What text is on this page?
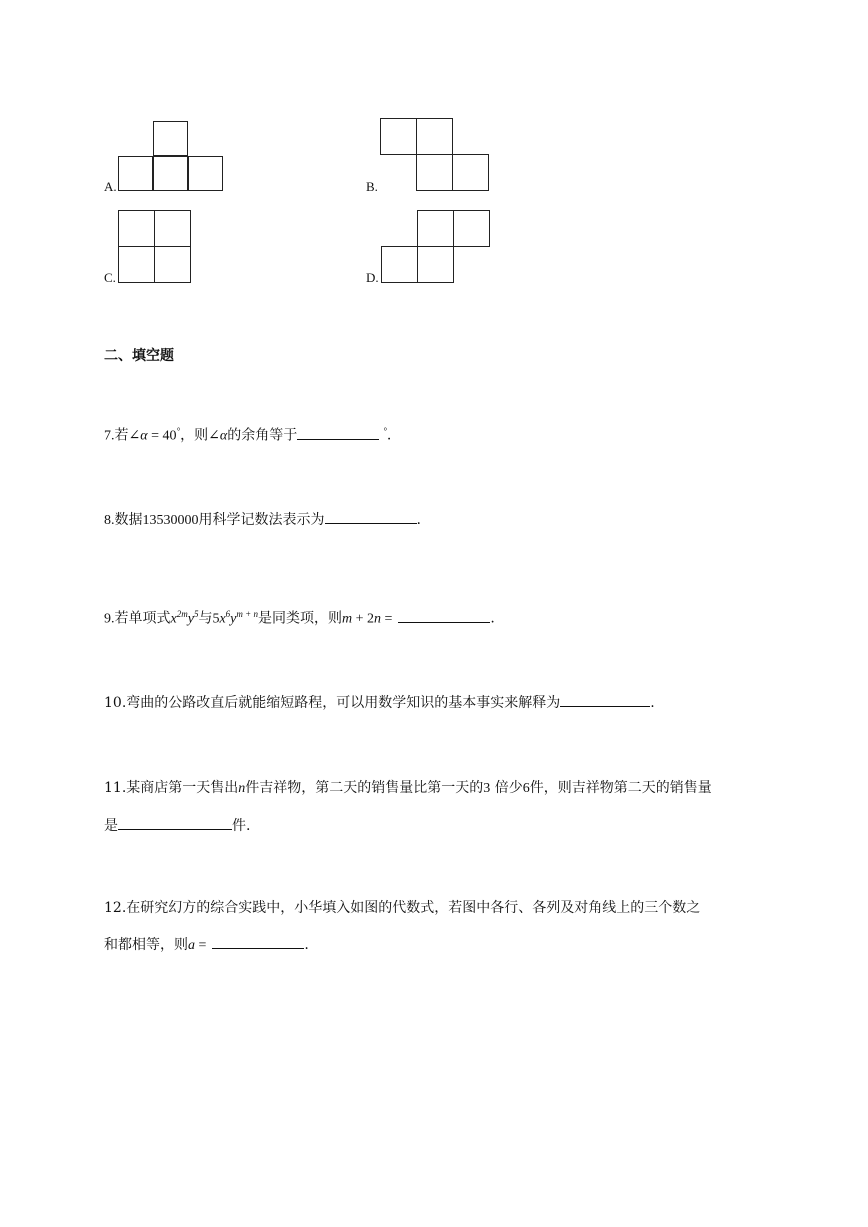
A.	B.
C.	D.
二、填空题
7.若∠α = 40°，则∠α的余角等于	°.
8.数据13530000用科学记数法表示为	.
9.若单项式$x^{2m}y^5$与$5x^6y^{m + n}$是同类项，则m + 2n =	.
10.弯曲的公路改直后就能缩短路程，可以用数学知识的基本事实来解释为	.
11.某商店第一天售出n件吉祥物，第二天的销售量比第一天的3 倍少6件，则吉祥物第二天的销售量
是	件.
12.在研究幻方的综合实践中，小华填入如图的代数式，若图中各行、各列及对角线上的三个数之
和都相等，则a =	.
